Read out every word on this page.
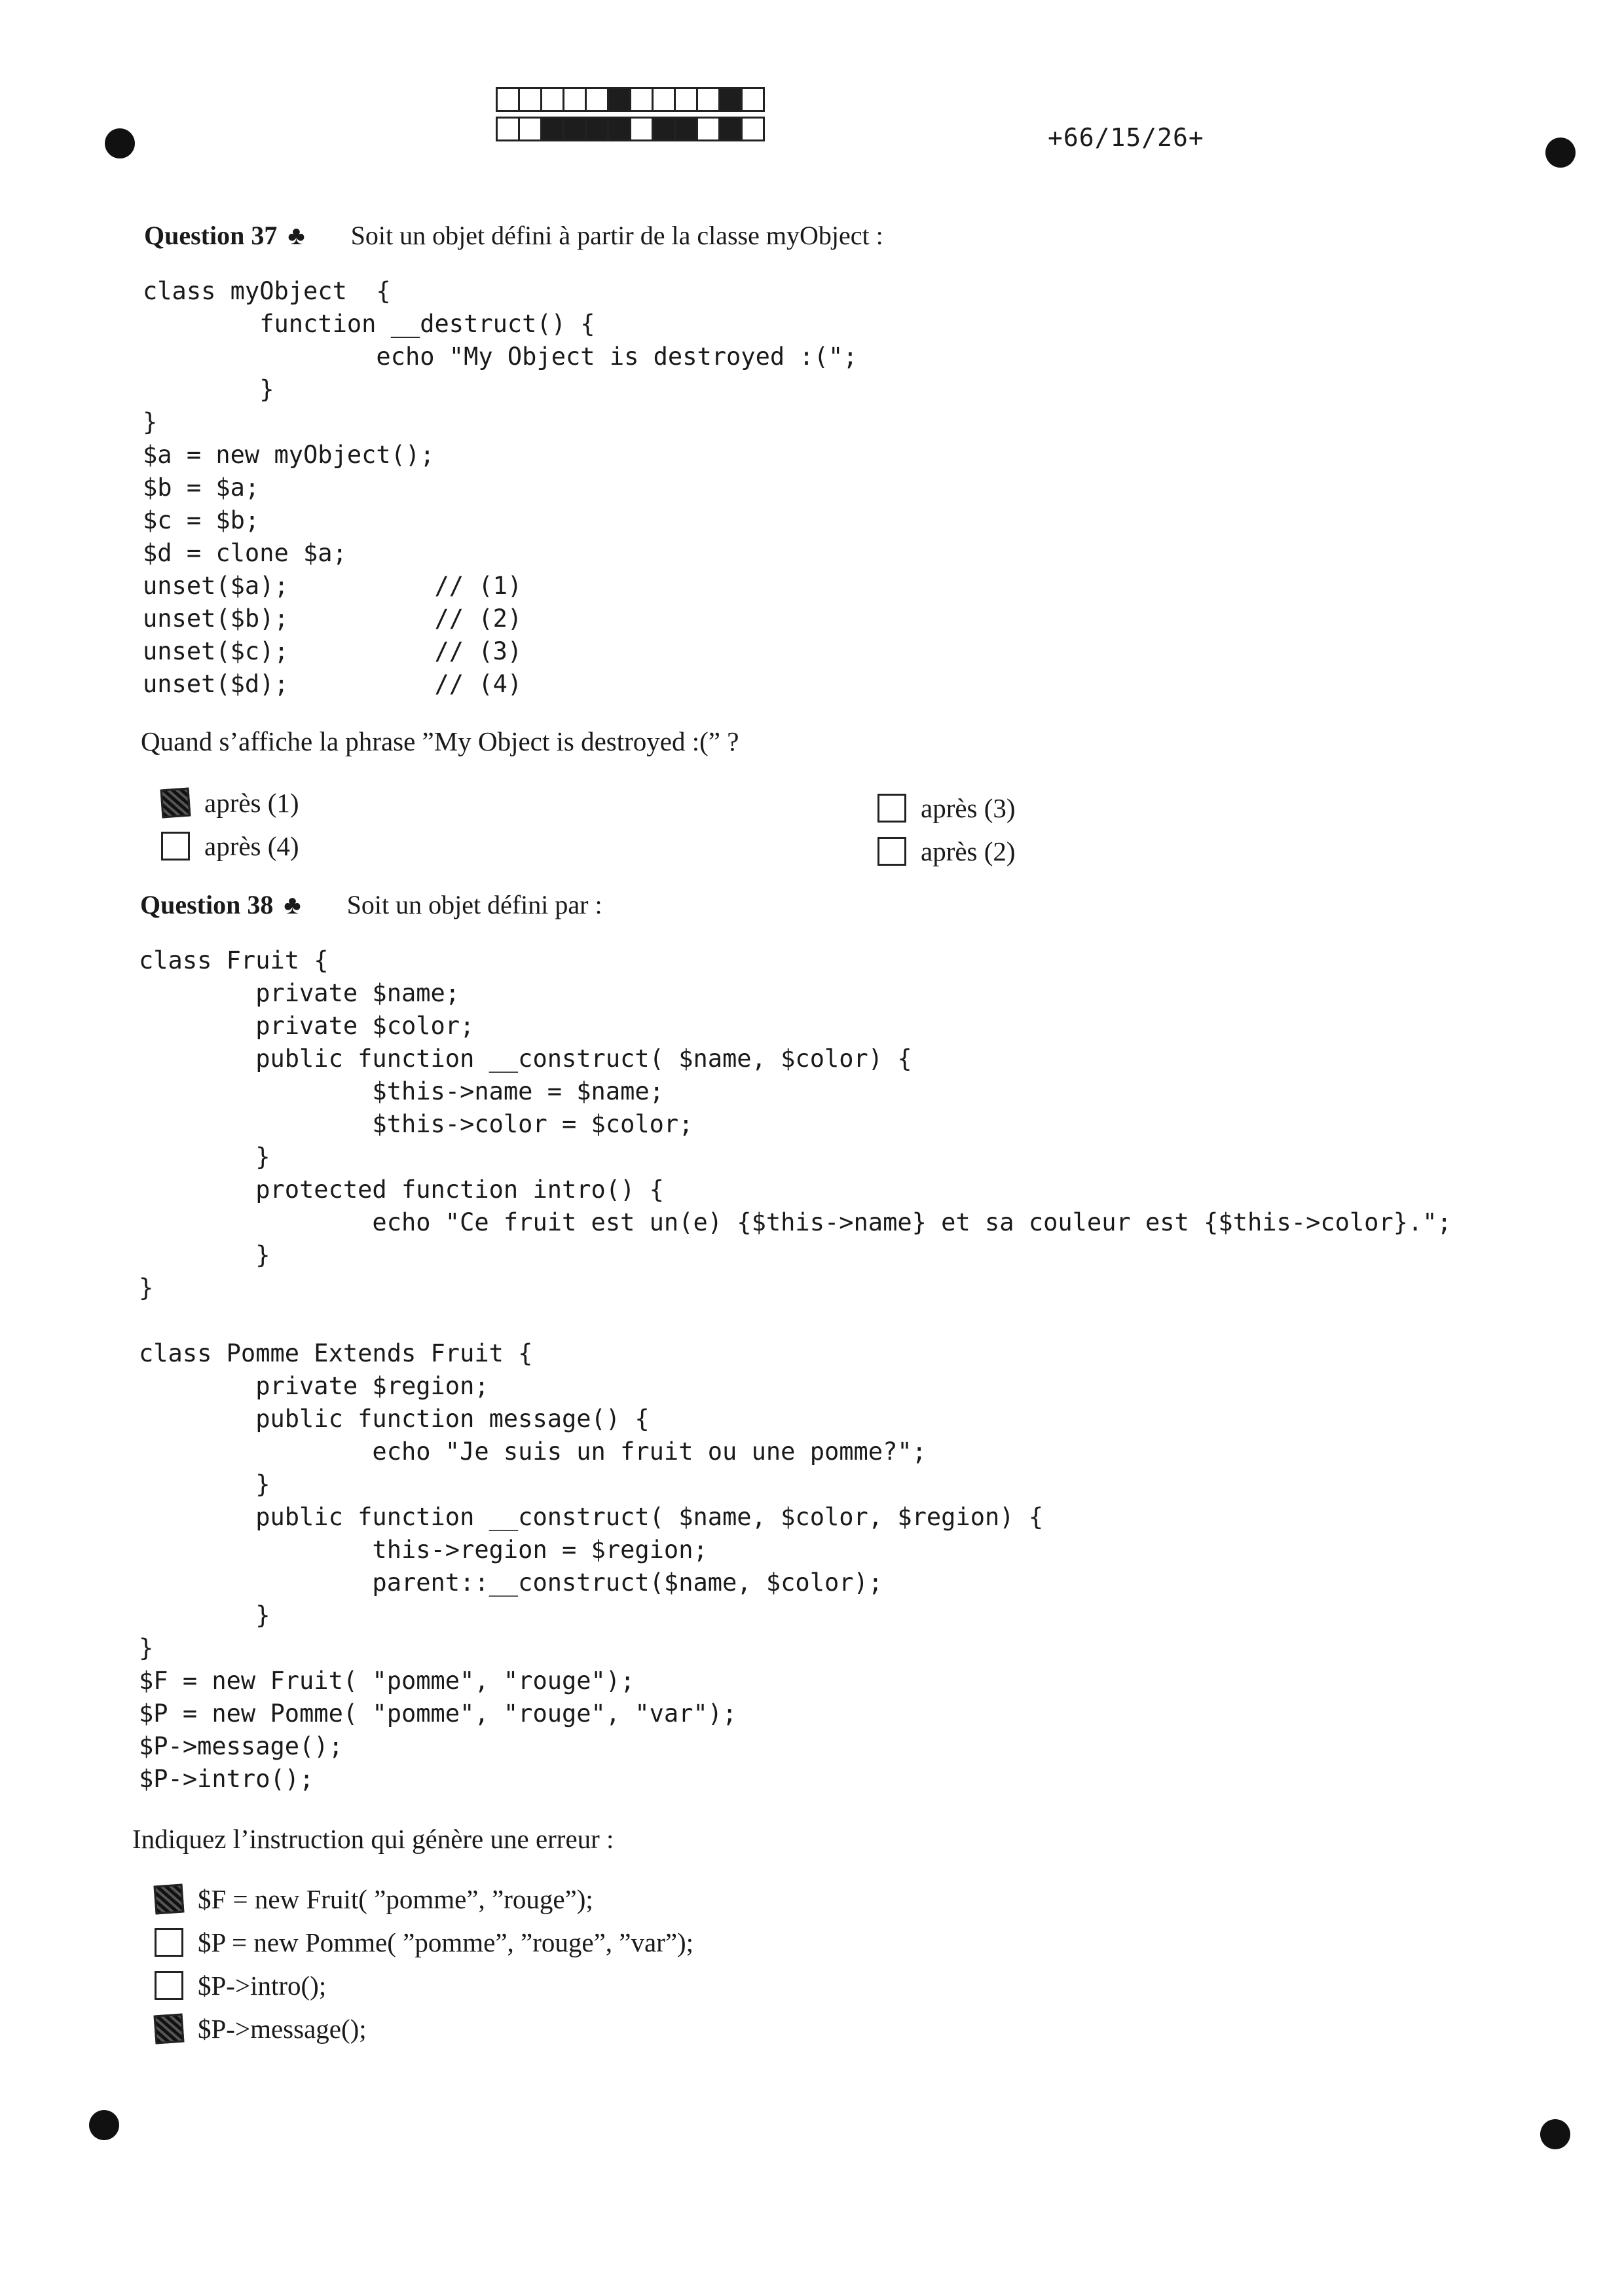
+66/15/26+
Question 37 ♣ Soit un objet défini à partir de la classe myObject :
class myObject  {
function __destruct() {
echo "My Object is destroyed :(";
}
}
$a = new myObject();
$b = $a;
$c = $b;
$d = clone $a;
unset($a);          // (1)
unset($b);          // (2)
unset($c);          // (3)
unset($d);          // (4)
Quand s’affiche la phrase ”My Object is destroyed :(” ?
après (1)
après (4)
après (3)
après (2)
Question 38 ♣ Soit un objet défini par :
class Fruit {
private $name;
private $color;
public function __construct( $name, $color) {
$this->name = $name;
$this->color = $color;
}
protected function intro() {
echo "Ce fruit est un(e) {$this->name} et sa couleur est {$this->color}.";
}
}

class Pomme Extends Fruit {
private $region;
public function message() {
echo "Je suis un fruit ou une pomme?";
}
public function __construct( $name, $color, $region) {
this->region = $region;
parent::__construct($name, $color);
}
}
$F = new Fruit( "pomme", "rouge");
$P = new Pomme( "pomme", "rouge", "var");
$P->message();
$P->intro();
Indiquez l’instruction qui génère une erreur :
$F = new Fruit( ”pomme”, ”rouge”);
$P = new Pomme( ”pomme”, ”rouge”, ”var”);
$P->intro();
$P->message();
